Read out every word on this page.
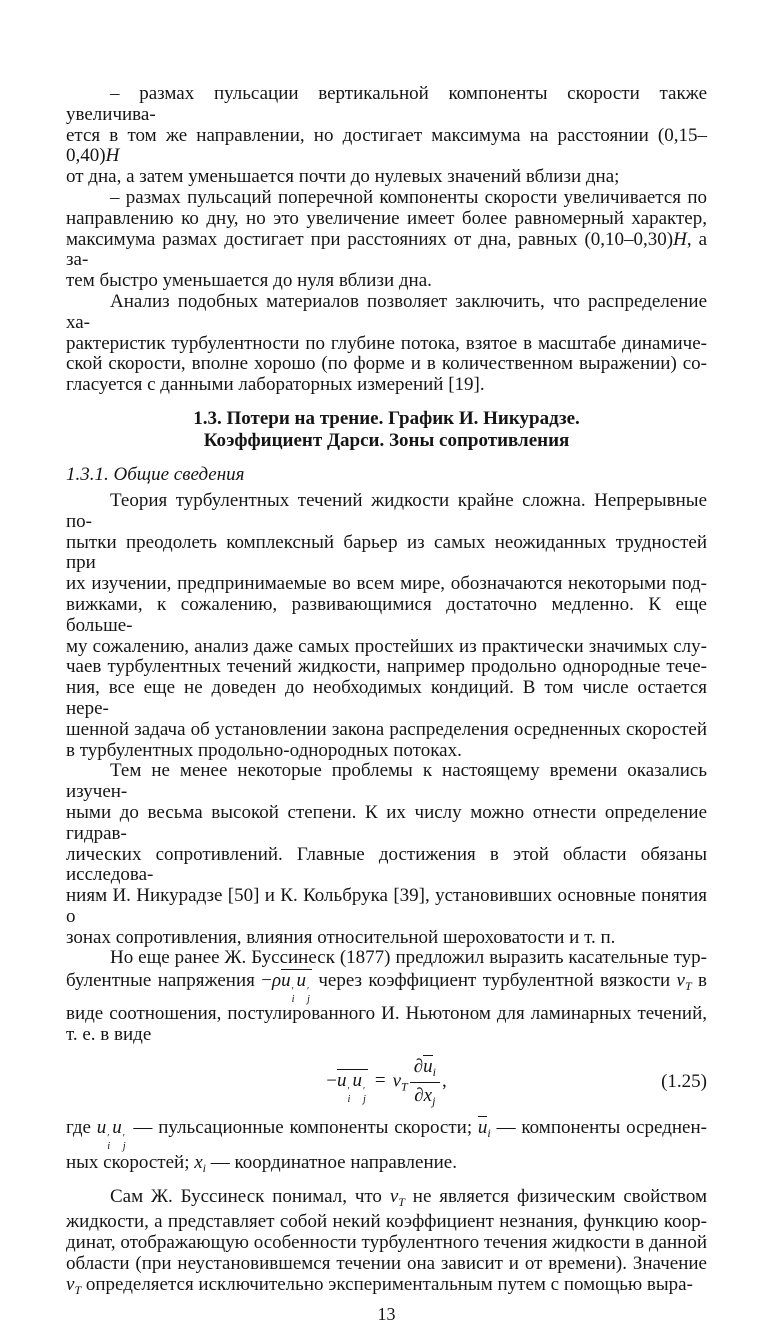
– размах пульсации вертикальной компоненты скорости также увеличива-
ется в том же направлении, но достигает максимума на расстоянии (0,15–0,40)H
от дна, а затем уменьшается почти до нулевых значений вблизи дна;
– размах пульсаций поперечной компоненты скорости увеличивается по
направлению ко дну, но это увеличение имеет более равномерный характер,
максимума размах достигает при расстояниях от дна, равных (0,10–0,30)H, а за-
тем быстро уменьшается до нуля вблизи дна.
Анализ подобных материалов позволяет заключить, что распределение ха-
рактеристик турбулентности по глубине потока, взятое в масштабе динамиче-
ской скорости, вполне хорошо (по форме и в количественном выражении) со-
гласуется с данными лабораторных измерений [19].
1.3. Потери на трение. График И. Никурадзе.
Коэффициент Дарси. Зоны сопротивления
1.3.1. Общие сведения
Теория турбулентных течений жидкости крайне сложна. Непрерывные по-
пытки преодолеть комплексный барьер из самых неожиданных трудностей при
их изучении, предпринимаемые во всем мире, обозначаются некоторыми под-
вижками, к сожалению, развивающимися достаточно медленно. К еще больше-
му сожалению, анализ даже самых простейших из практически значимых слу-
чаев турбулентных течений жидкости, например продольно однородные тече-
ния, все еще не доведен до необходимых кондиций. В том числе остается нере-
шенной задача об установлении закона распределения осредненных скоростей
в турбулентных продольно-однородных потоках.
Тем не менее некоторые проблемы к настоящему времени оказались изучен-
ными до весьма высокой степени. К их числу можно отнести определение гидрав-
лических сопротивлений. Главные достижения в этой области обязаны исследова-
ниям И. Никурадзе [50] и К. Кольбрука [39], установивших основные понятия о
зонах сопротивления, влияния относительной шероховатости и т. п.
Но еще ранее Ж. Буссинеск (1877) предложил выразить касательные тур-
булентные напряжения −ρu
′
i
u
′
j
через коэффициент турбулентной вязкости $\nu_T$ в
виде соотношения, постулированного И. Ньютоном для ламинарных течений,
т. е. в виде
−u
′
i
u
′
j
= $\nu_T \frac{\partial u_i}{\partial x_j}$ ,	(1.25)
где u
′
i
u
′
j
— пульсационные компоненты скорости; $u_i$ — компоненты осреднен-
ных скоростей; $x_i$ — координатное направление.
Сам Ж. Буссинеск понимал, что $\nu_T$ не является физическим свойством
жидкости, а представляет собой некий коэффициент незнания, функцию коор-
динат, отображающую особенности турбулентного течения жидкости в данной
области (при неустановившемся течении она зависит и от времени). Значение
$\nu_T$ определяется исключительно экспериментальным путем с помощью выра-
13
